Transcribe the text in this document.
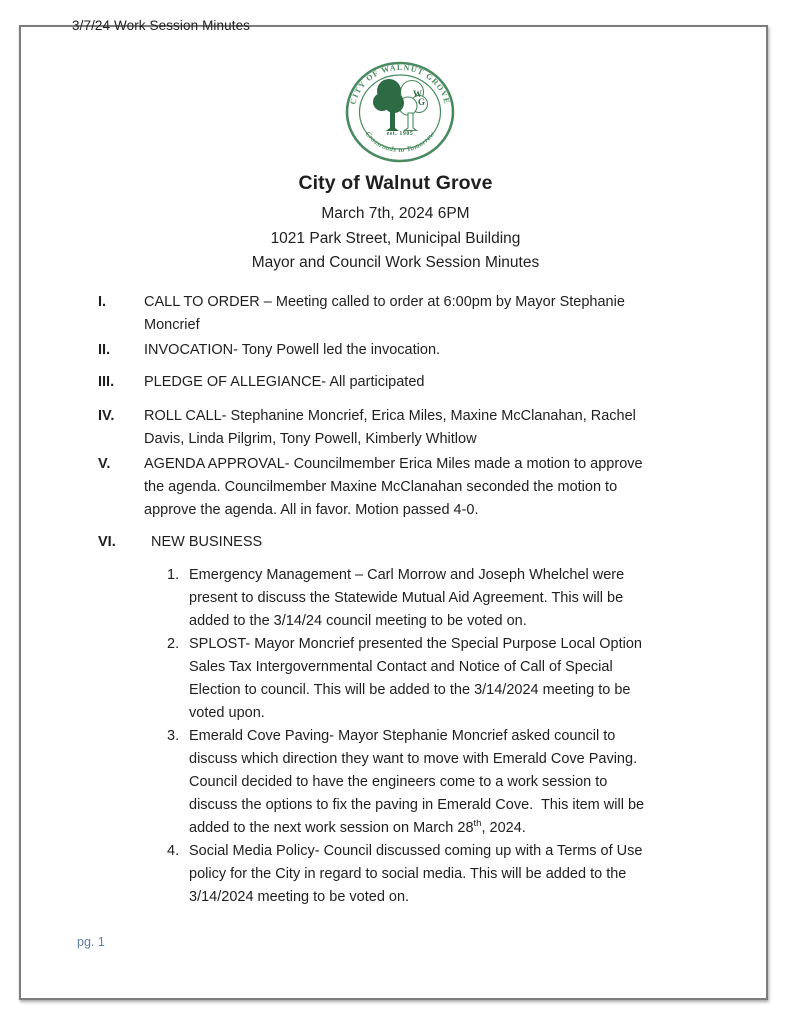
3/7/24 Work Session Minutes
CITY OF WALNUT GROVE
Crossroads to Tomorrow
W
G
est. 1905
City of Walnut Grove
March 7th, 2024 6PM
1021 Park Street, Municipal Building
Mayor and Council Work Session Minutes
I.	CALL TO ORDER – Meeting called to order at 6:00pm by Mayor Stephanie Moncrief
II.	INVOCATION- Tony Powell led the invocation.
III.	PLEDGE OF ALLEGIANCE- All participated
IV.	ROLL CALL- Stephanine Moncrief, Erica Miles, Maxine McClanahan, Rachel Davis, Linda Pilgrim, Tony Powell, Kimberly Whitlow
V.	AGENDA APPROVAL- Councilmember Erica Miles made a motion to approve the agenda. Councilmember Maxine McClanahan seconded the motion to approve the agenda. All in favor. Motion passed 4-0.
VI.	NEW BUSINESS
1. Emergency Management – Carl Morrow and Joseph Whelchel were present to discuss the Statewide Mutual Aid Agreement. This will be added to the 3/14/24 council meeting to be voted on.
2. SPLOST- Mayor Moncrief presented the Special Purpose Local Option Sales Tax Intergovernmental Contact and Notice of Call of Special Election to council. This will be added to the 3/14/2024 meeting to be voted upon.
3. Emerald Cove Paving- Mayor Stephanie Moncrief asked council to discuss which direction they want to move with Emerald Cove Paving. Council decided to have the engineers come to a work session to discuss the options to fix the paving in Emerald Cove.  This item will be added to the next work session on March 28th, 2024.
4. Social Media Policy- Council discussed coming up with a Terms of Use policy for the City in regard to social media. This will be added to the 3/14/2024 meeting to be voted on.
pg. 1
